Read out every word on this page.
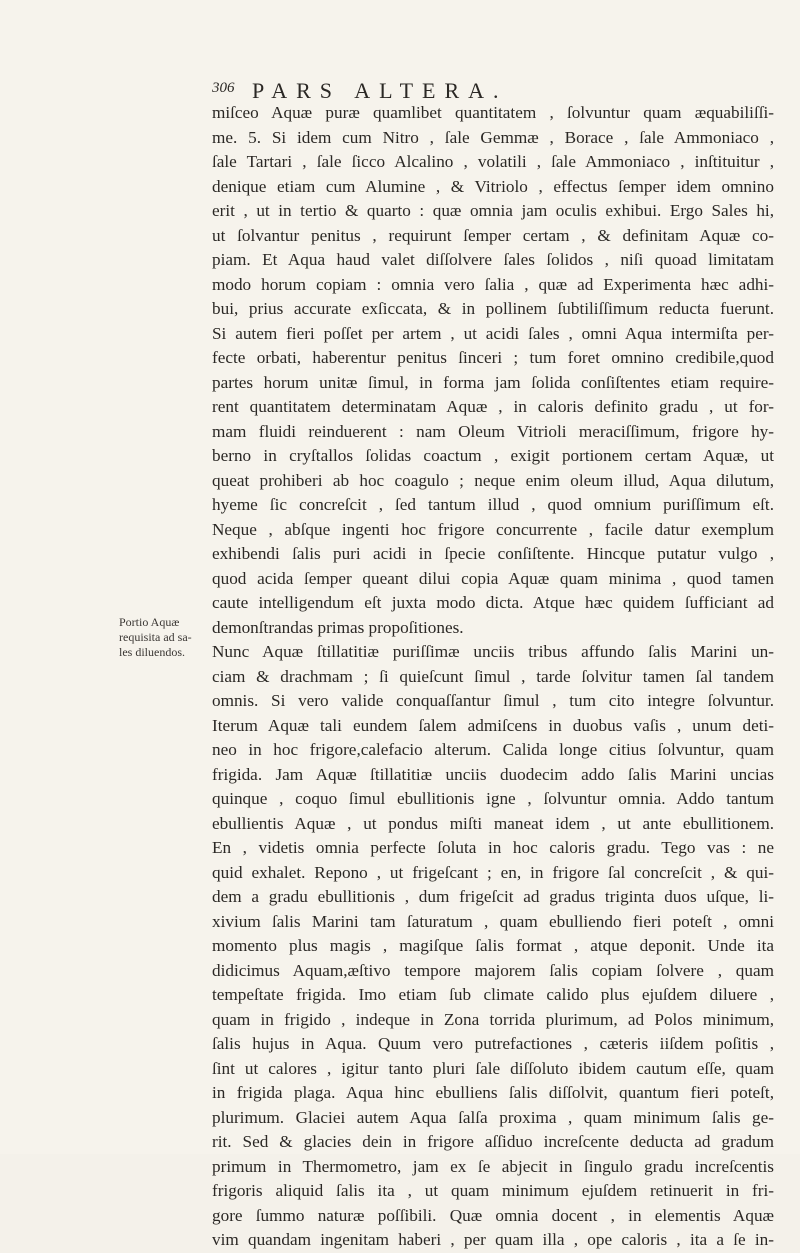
306 PARS ALTERA.
Portio Aquæ
requisita ad sa-
les diluendos.
miſceo Aquæ puræ quamlibet quantitatem , ſolvuntur quam æquabiliſſi-
me. 5. Si idem cum Nitro , ſale Gemmæ , Borace , ſale Ammoniaco ,
ſale Tartari , ſale ſicco Alcalino , volatili , ſale Ammoniaco , inſtituitur ,
denique etiam cum Alumine , & Vitriolo , effectus ſemper idem omnino
erit , ut in tertio & quarto : quæ omnia jam oculis exhibui. Ergo Sales hi,
ut ſolvantur penitus , requirunt ſemper certam , & definitam Aquæ co-
piam. Et Aqua haud valet diſſolvere ſales ſolidos , niſi quoad limitatam
modo horum copiam : omnia vero ſalia , quæ ad Experimenta hæc adhi-
bui, prius accurate exſiccata, & in pollinem ſubtiliſſimum reducta fuerunt.
Si autem fieri poſſet per artem , ut acidi ſales , omni Aqua intermiſta per-
fecte orbati, haberentur penitus ſinceri ; tum foret omnino credibile,quod
partes horum unitæ ſimul, in forma jam ſolida conſiſtentes etiam require-
rent quantitatem determinatam Aquæ , in caloris definito gradu , ut for-
mam fluidi reinduerent : nam Oleum Vitrioli meraciſſimum, frigore hy-
berno in cryſtallos ſolidas coactum , exigit portionem certam Aquæ, ut
queat prohiberi ab hoc coagulo ; neque enim oleum illud, Aqua dilutum,
hyeme ſic concreſcit , ſed tantum illud , quod omnium puriſſimum eſt.
Neque , abſque ingenti hoc frigore concurrente , facile datur exemplum
exhibendi ſalis puri acidi in ſpecie conſiſtente. Hincque putatur vulgo ,
quod acida ſemper queant dilui copia Aquæ quam minima , quod tamen
caute intelligendum eſt juxta modo dicta. Atque hæc quidem ſufficiant ad
demonſtrandas primas propoſitiones.
Nunc Aquæ ſtillatitiæ puriſſimæ unciis tribus affundo ſalis Marini un-
ciam & drachmam ; ſi quieſcunt ſimul , tarde ſolvitur tamen ſal tandem
omnis. Si vero valide conquaſſantur ſimul , tum cito integre ſolvuntur.
Iterum Aquæ tali eundem ſalem admiſcens in duobus vaſis , unum deti-
neo in hoc frigore,calefacio alterum. Calida longe citius ſolvuntur, quam
frigida. Jam Aquæ ſtillatitiæ unciis duodecim addo ſalis Marini uncias
quinque , coquo ſimul ebullitionis igne , ſolvuntur omnia. Addo tantum
ebullientis Aquæ , ut pondus miſti maneat idem , ut ante ebullitionem.
En , videtis omnia perfecte ſoluta in hoc caloris gradu. Tego vas : ne
quid exhalet. Repono , ut frigeſcant ; en, in frigore ſal concreſcit , & qui-
dem a gradu ebullitionis , dum frigeſcit ad gradus triginta duos uſque, li-
xivium ſalis Marini tam ſaturatum , quam ebulliendo fieri poteſt , omni
momento plus magis , magiſque ſalis format , atque deponit. Unde ita
didicimus Aquam,æſtivo tempore majorem ſalis copiam ſolvere , quam
tempeſtate frigida. Imo etiam ſub climate calido plus ejuſdem diluere ,
quam in frigido , indeque in Zona torrida plurimum, ad Polos minimum,
ſalis hujus in Aqua. Quum vero putrefactiones , cæteris iiſdem poſitis ,
ſint ut calores , igitur tanto pluri ſale diſſoluto ibidem cautum eſſe, quam
in frigida plaga. Aqua hinc ebulliens ſalis diſſolvit, quantum fieri poteſt,
plurimum. Glaciei autem Aqua ſalſa proxima , quam minimum ſalis ge-
rit. Sed & glacies dein in frigore aſſiduo increſcente deducta ad gradum
primum in Thermometro, jam ex ſe abjecit in ſingulo gradu increſcentis
frigoris aliquid ſalis ita , ut quam minimum ejuſdem retinuerit in fri-
gore ſummo naturæ poſſibili. Quæ omnia docent , in elementis Aquæ
vim quandam ingenitam haberi , per quam illa , ope caloris , ita a ſe in-
